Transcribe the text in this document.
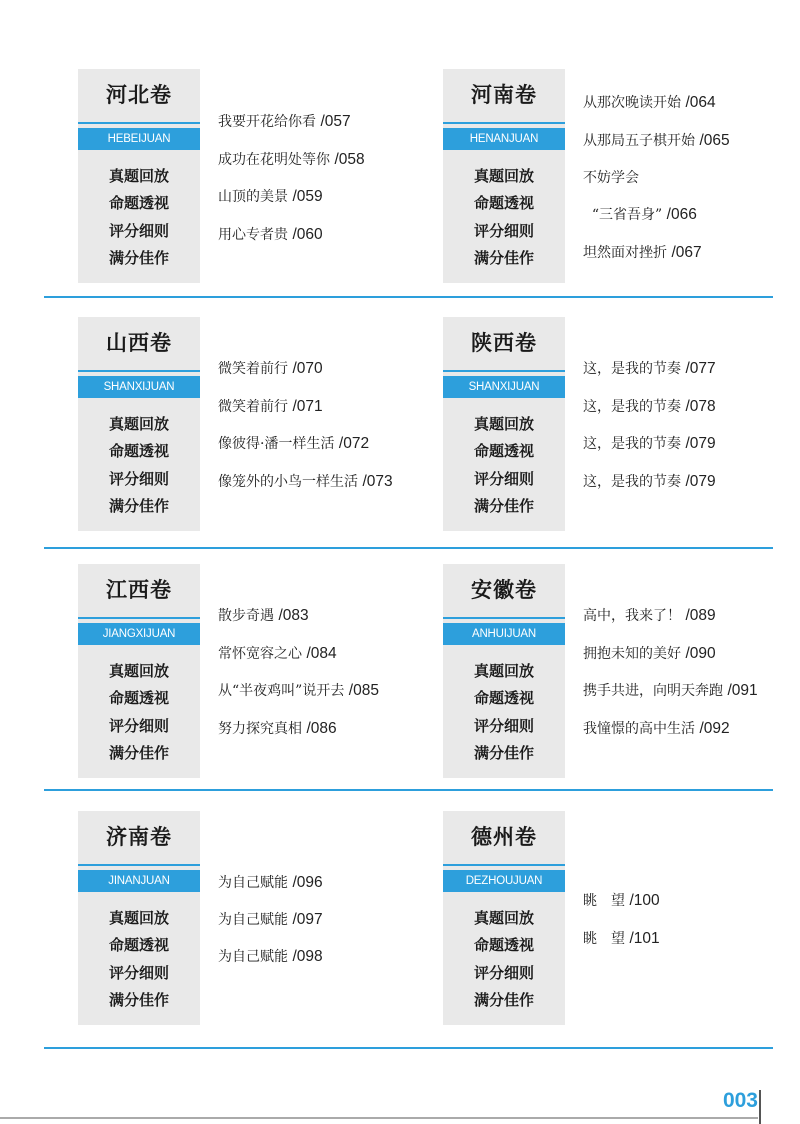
河北卷
HEBEIJUAN
真题回放
命题透视
评分细则
满分佳作
我要开花给你看 /057
成功在花明处等你 /058
山顶的美景 /059
用心专者贵 /060
河南卷
HENANJUAN
真题回放
命题透视
评分细则
满分佳作
从那次晚读开始 /064
从那局五子棋开始 /065
不妨学会
“三省吾身” /066
坦然面对挫折 /067
山西卷
SHANXIJUAN
真题回放
命题透视
评分细则
满分佳作
微笑着前行 /070
微笑着前行 /071
像彼得·潘一样生活 /072
像笼外的小鸟一样生活 /073
陕西卷
SHANXIJUAN
真题回放
命题透视
评分细则
满分佳作
这，是我的节奏 /077
这，是我的节奏 /078
这，是我的节奏 /079
这，是我的节奏 /079
江西卷
JIANGXIJUAN
真题回放
命题透视
评分细则
满分佳作
散步奇遇 /083
常怀宽容之心 /084
从“半夜鸡叫”说开去 /085
努力探究真相 /086
安徽卷
ANHUIJUAN
真题回放
命题透视
评分细则
满分佳作
高中，我来了！ /089
拥抱未知的美好 /090
携手共进，向明天奔跑 /091
我憧憬的高中生活 /092
济南卷
JINANJUAN
真题回放
命题透视
评分细则
满分佳作
为自己赋能 /096
为自己赋能 /097
为自己赋能 /098
德州卷
DEZHOUJUAN
真题回放
命题透视
评分细则
满分佳作
眺　望 /100
眺　望 /101
003
